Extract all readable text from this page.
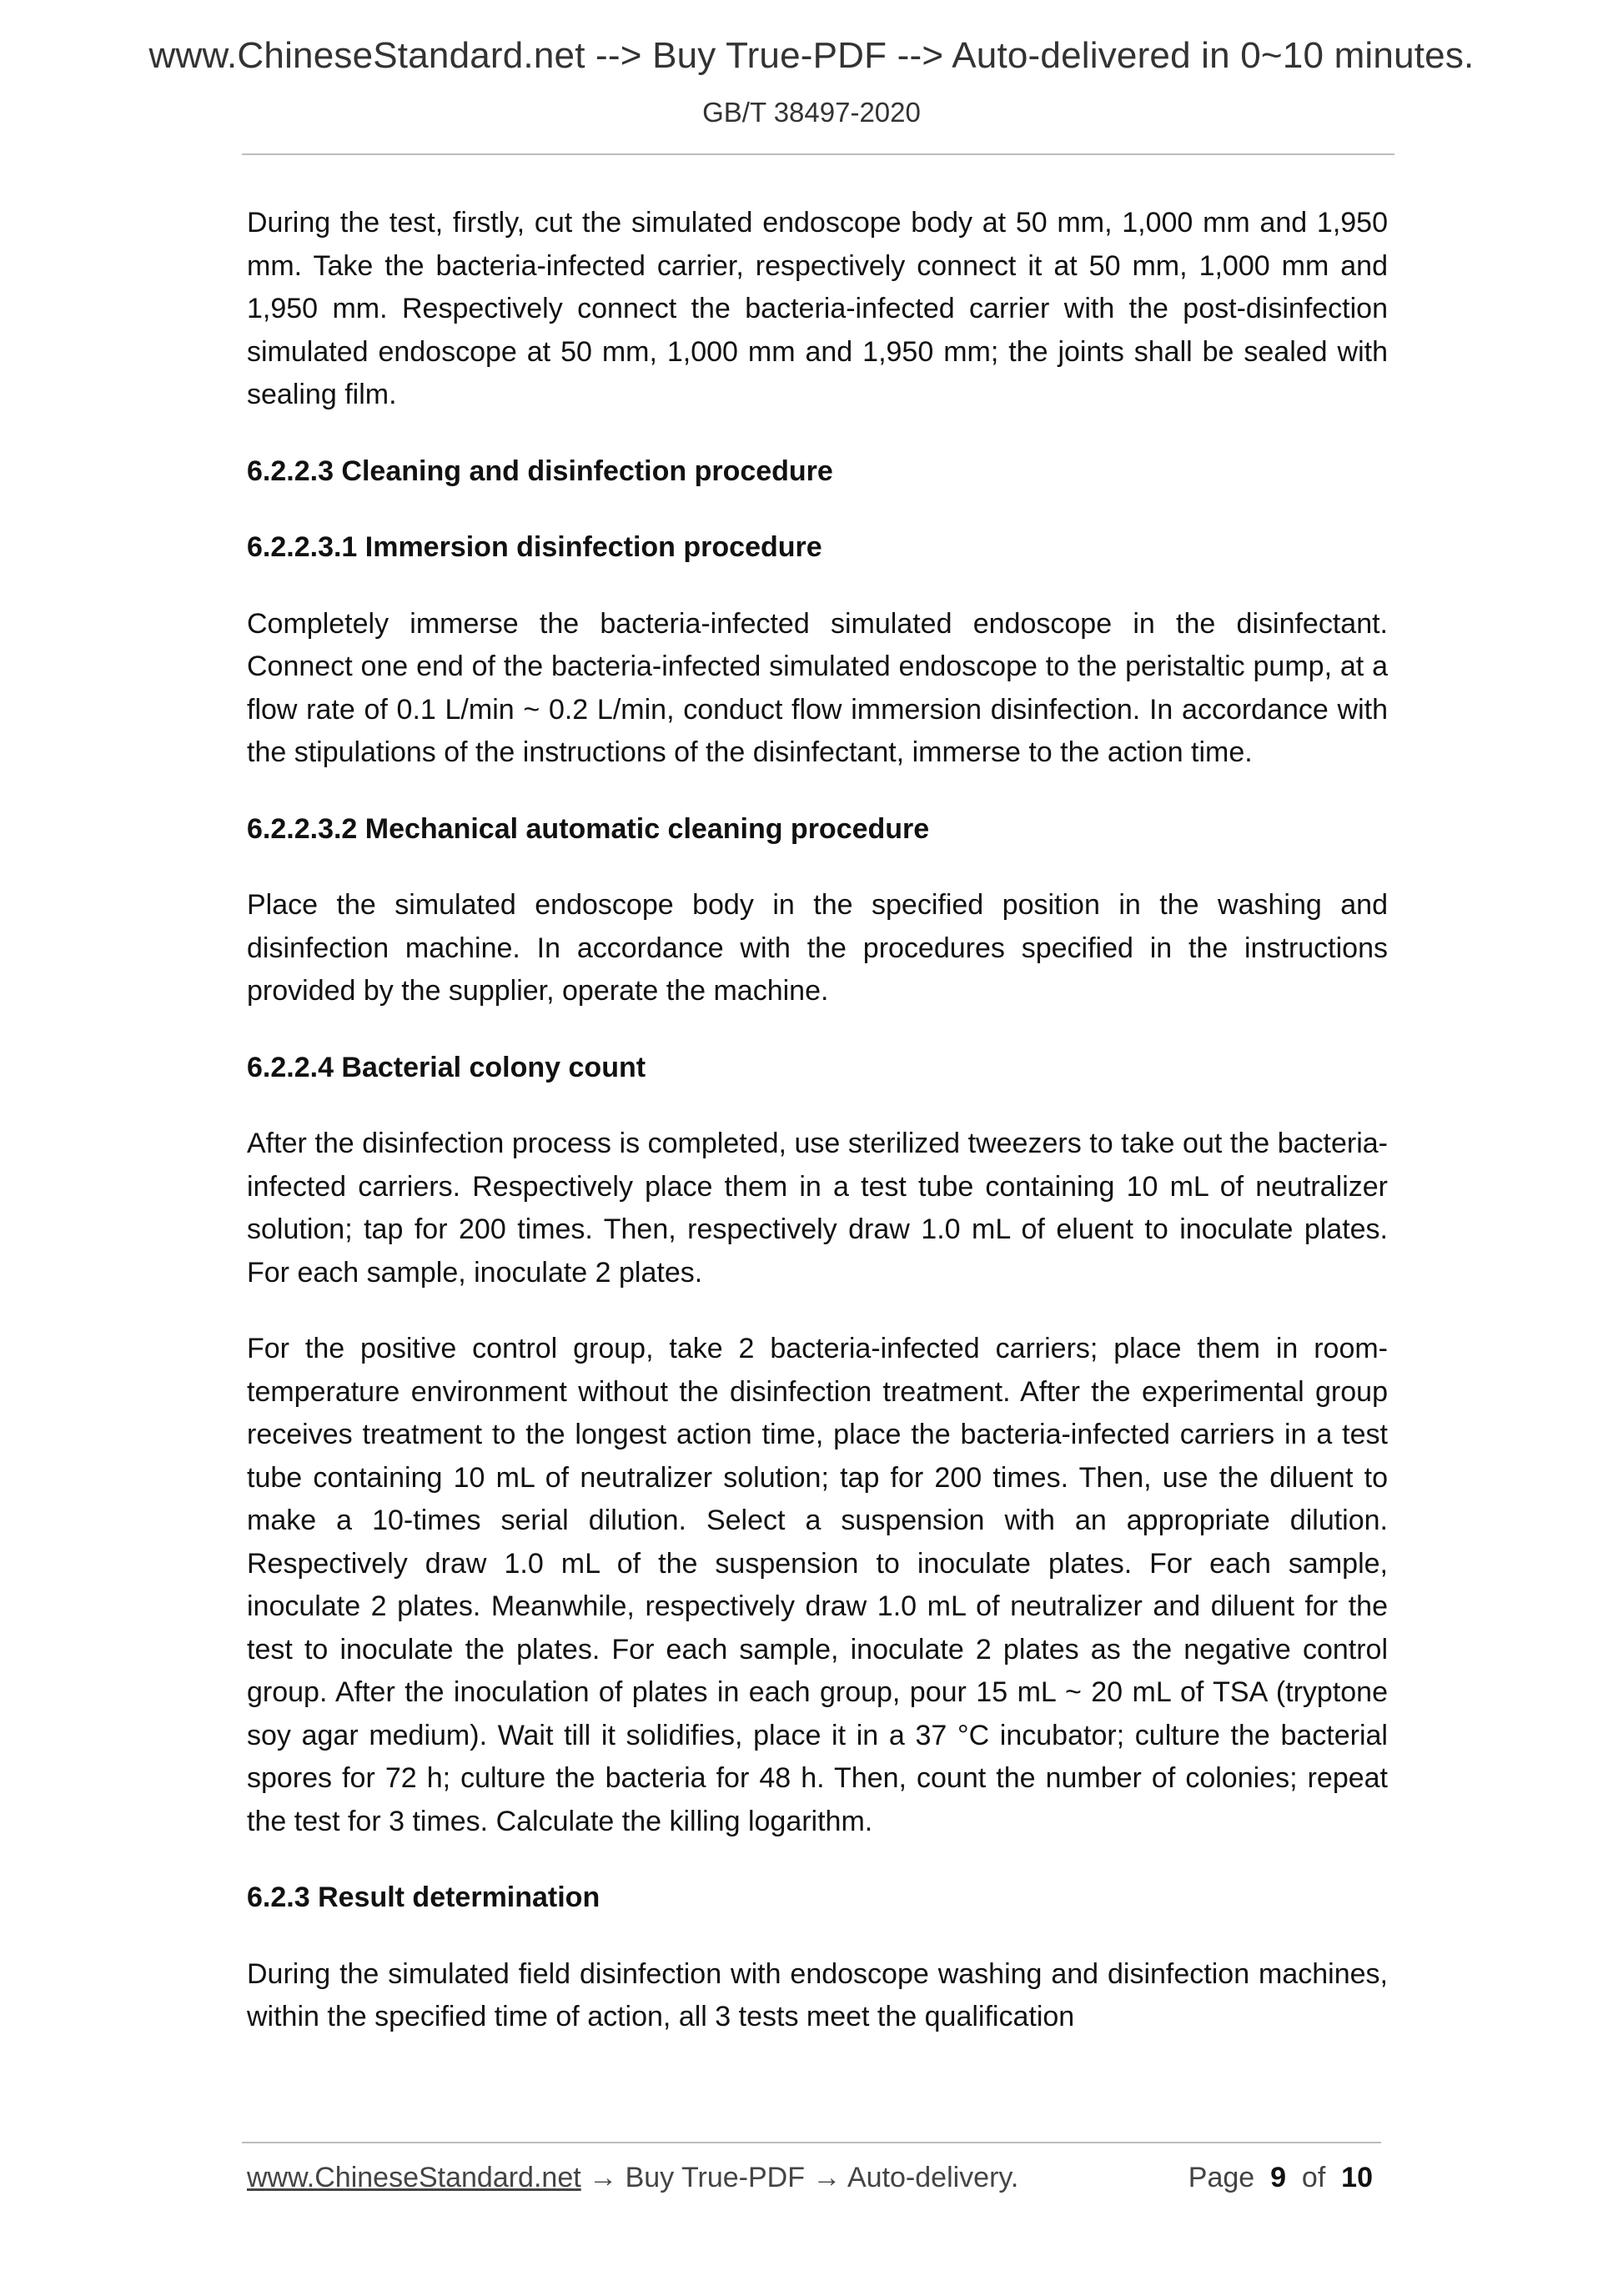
www.ChineseStandard.net --> Buy True-PDF --> Auto-delivered in 0~10 minutes.
GB/T 38497-2020

During the test, firstly, cut the simulated endoscope body at 50 mm, 1,000 mm and 1,950 mm. Take the bacteria-infected carrier, respectively connect it at 50 mm, 1,000 mm and 1,950 mm. Respectively connect the bacteria-infected carrier with the post-disinfection simulated endoscope at 50 mm, 1,000 mm and 1,950 mm; the joints shall be sealed with sealing film.

6.2.2.3 Cleaning and disinfection procedure
6.2.2.3.1 Immersion disinfection procedure

Completely immerse the bacteria-infected simulated endoscope in the disinfectant. Connect one end of the bacteria-infected simulated endoscope to the peristaltic pump, at a flow rate of 0.1 L/min ~ 0.2 L/min, conduct flow immersion disinfection. In accordance with the stipulations of the instructions of the disinfectant, immerse to the action time.

6.2.2.3.2 Mechanical automatic cleaning procedure

Place the simulated endoscope body in the specified position in the washing and disinfection machine. In accordance with the procedures specified in the instructions provided by the supplier, operate the machine.

6.2.2.4 Bacterial colony count

After the disinfection process is completed, use sterilized tweezers to take out the bacteria-infected carriers. Respectively place them in a test tube containing 10 mL of neutralizer solution; tap for 200 times. Then, respectively draw 1.0 mL of eluent to inoculate plates. For each sample, inoculate 2 plates.

For the positive control group, take 2 bacteria-infected carriers; place them in room-temperature environment without the disinfection treatment. After the experimental group receives treatment to the longest action time, place the bacteria-infected carriers in a test tube containing 10 mL of neutralizer solution; tap for 200 times. Then, use the diluent to make a 10-times serial dilution. Select a suspension with an appropriate dilution. Respectively draw 1.0 mL of the suspension to inoculate plates. For each sample, inoculate 2 plates. Meanwhile, respectively draw 1.0 mL of neutralizer and diluent for the test to inoculate the plates. For each sample, inoculate 2 plates as the negative control group. After the inoculation of plates in each group, pour 15 mL ~ 20 mL of TSA (tryptone soy agar medium). Wait till it solidifies, place it in a 37 °C incubator; culture the bacterial spores for 72 h; culture the bacteria for 48 h. Then, count the number of colonies; repeat the test for 3 times. Calculate the killing logarithm.

6.2.3 Result determination

During the simulated field disinfection with endoscope washing and disinfection machines, within the specified time of action, all 3 tests meet the qualification

www.ChineseStandard.net → Buy True-PDF → Auto-delivery.	Page 9 of 10
